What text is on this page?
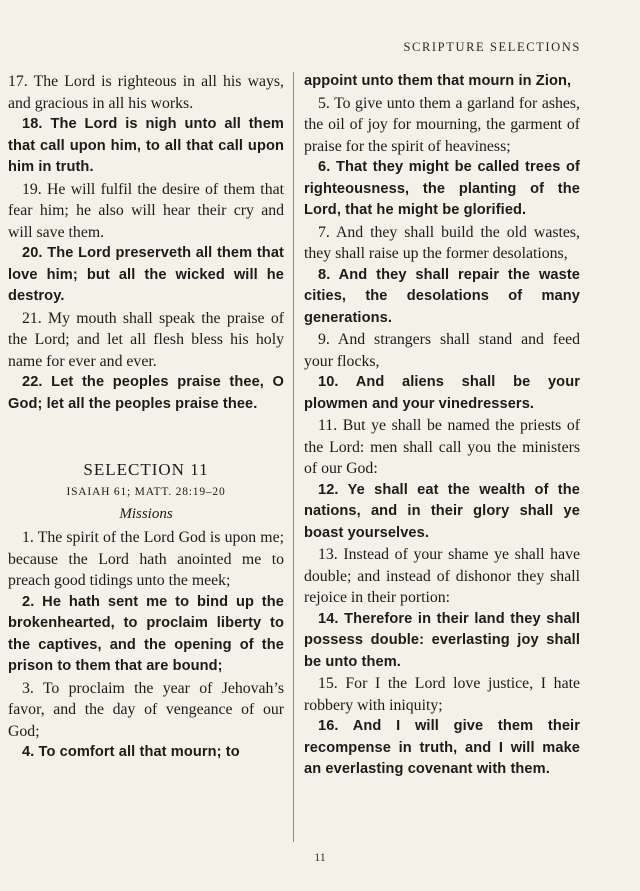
SCRIPTURE SELECTIONS

17. The Lord is righteous in all his ways, and gracious in all his works.

18. The Lord is nigh unto all them that call upon him, to all that call upon him in truth.

19. He will fulfil the desire of them that fear him; he also will hear their cry and will save them.

20. The Lord preserveth all them that love him; but all the wicked will he destroy.

21. My mouth shall speak the praise of the Lord; and let all flesh bless his holy name for ever and ever.

22. Let the peoples praise thee, O God; let all the peoples praise thee.

SELECTION 11
ISAIAH 61; MATT. 28:19–20
Missions

1. The spirit of the Lord God is upon me; because the Lord hath anointed me to preach good tidings unto the meek;

2. He hath sent me to bind up the brokenhearted, to proclaim liberty to the captives, and the opening of the prison to them that are bound;

3. To proclaim the year of Jehovah’s favor, and the day of vengeance of our God;

4. To comfort all that mourn; to

appoint unto them that mourn in Zion,

5. To give unto them a garland for ashes, the oil of joy for mourning, the garment of praise for the spirit of heaviness;

6. That they might be called trees of righteousness, the planting of the Lord, that he might be glorified.

7. And they shall build the old wastes, they shall raise up the former desolations,

8. And they shall repair the waste cities, the desolations of many generations.

9. And strangers shall stand and feed your flocks,

10. And aliens shall be your plowmen and your vinedressers.

11. But ye shall be named the priests of the Lord: men shall call you the ministers of our God:

12. Ye shall eat the wealth of the nations, and in their glory shall ye boast yourselves.

13. Instead of your shame ye shall have double; and instead of dishonor they shall rejoice in their portion:

14. Therefore in their land they shall possess double: everlasting joy shall be unto them.

15. For I the Lord love justice, I hate robbery with iniquity;

16. And I will give them their recompense in truth, and I will make an everlasting covenant with them.

11
